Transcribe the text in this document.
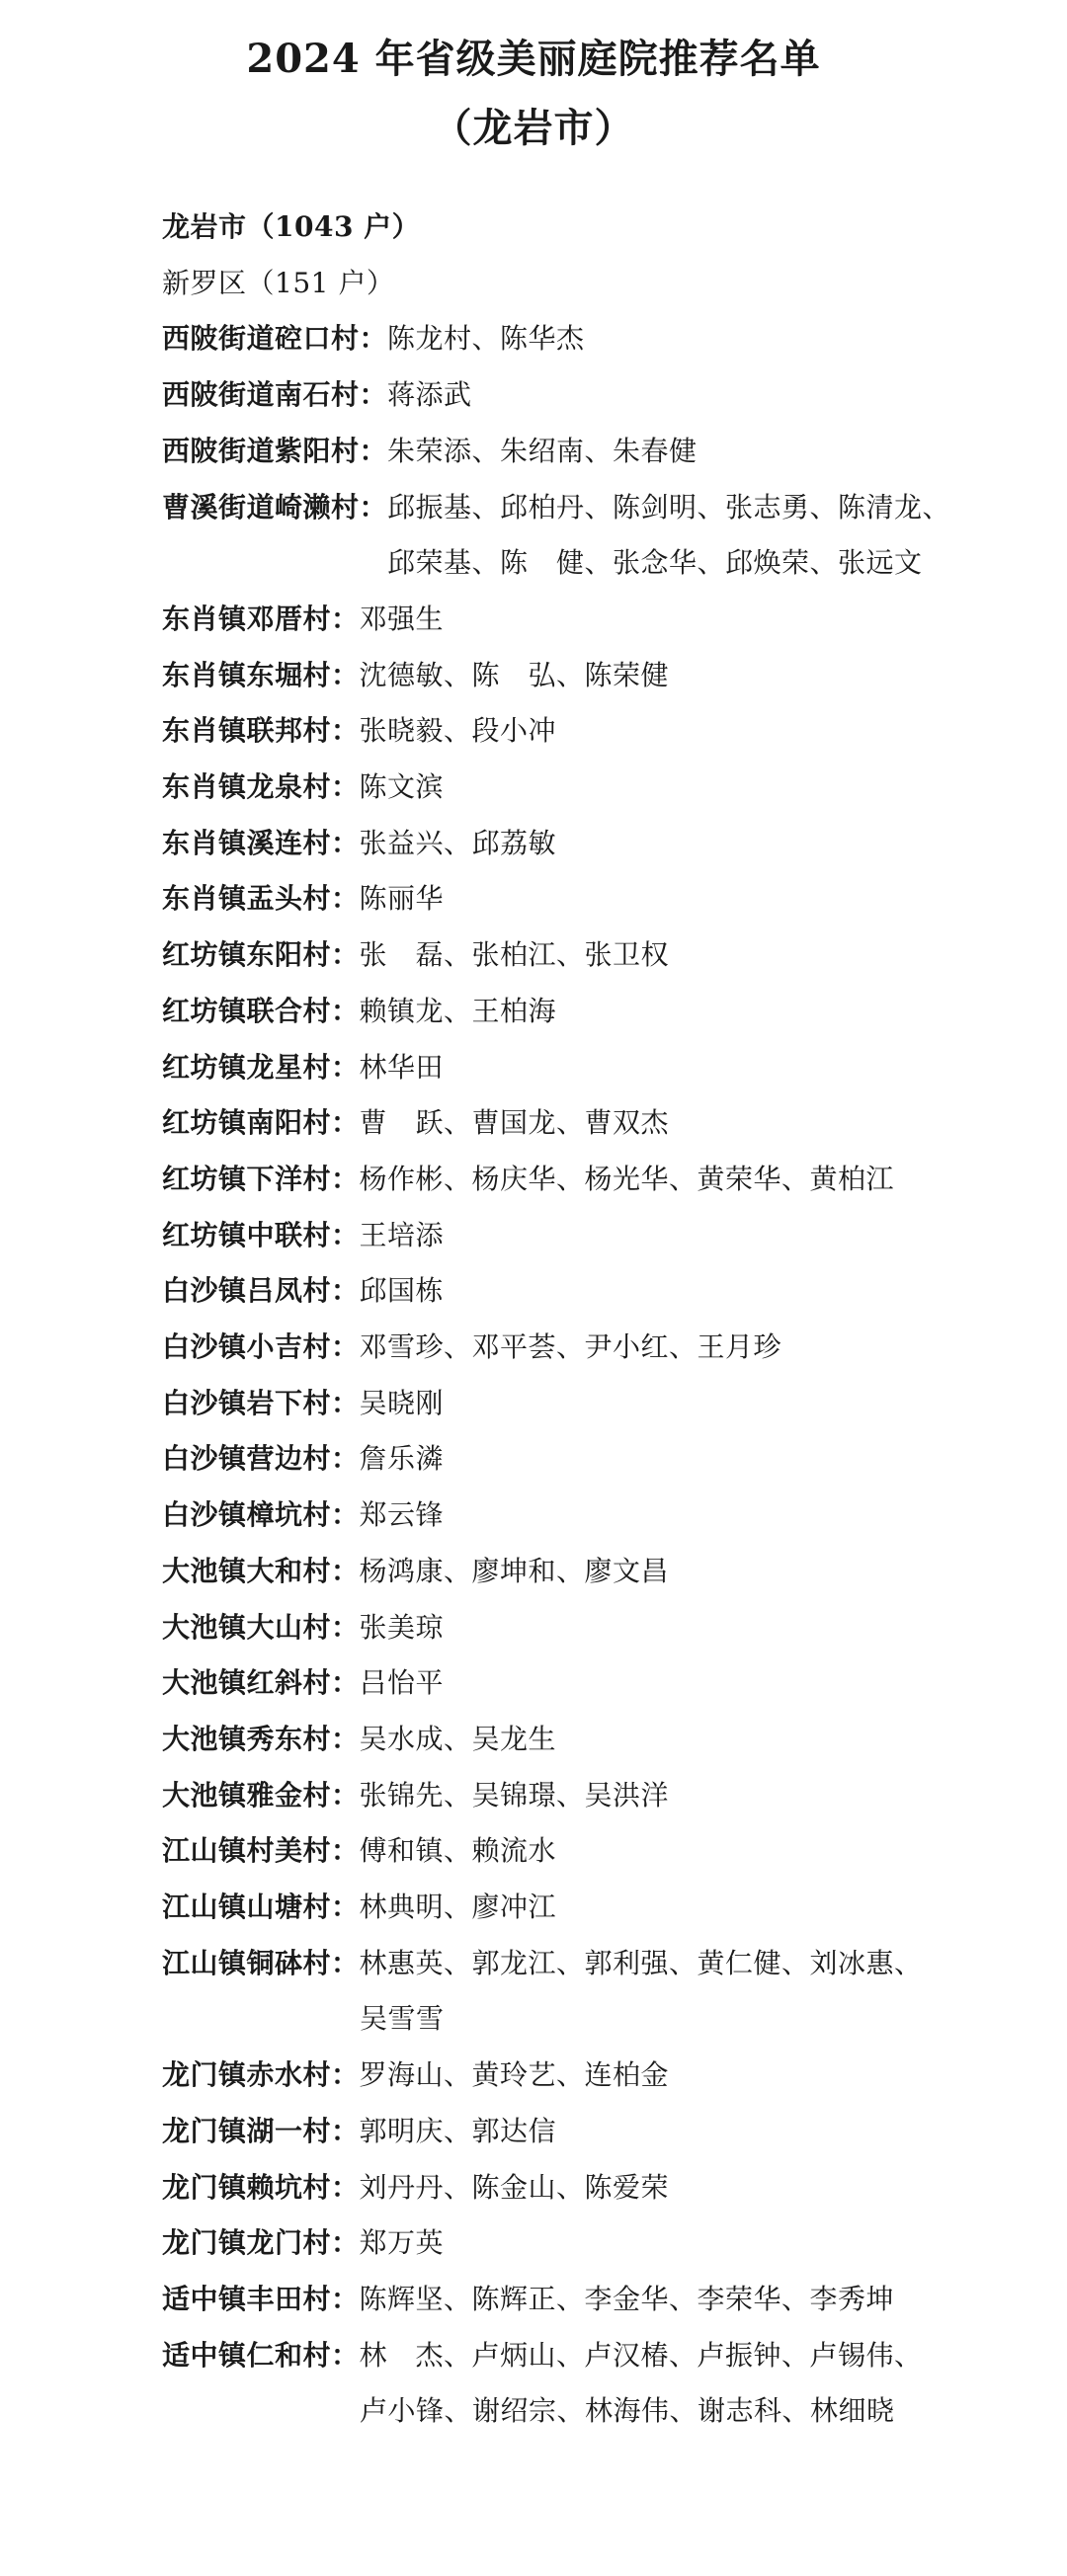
2024 年省级美丽庭院推荐名单
（龙岩市）
龙岩市（1043 户）
新罗区（151 户）
西陂街道硿口村：陈龙村、陈华杰
西陂街道南石村：蒋添武
西陂街道紫阳村：朱荣添、朱绍南、朱春健
曹溪街道崎濑村：邱振基、邱柏丹、陈剑明、张志勇、陈清龙、
邱荣基、陈　健、张念华、邱焕荣、张远文
东肖镇邓厝村：邓强生
东肖镇东堀村：沈德敏、陈　弘、陈荣健
东肖镇联邦村：张晓毅、段小冲
东肖镇龙泉村：陈文滨
东肖镇溪连村：张益兴、邱荔敏
东肖镇盂头村：陈丽华
红坊镇东阳村：张　磊、张柏江、张卫权
红坊镇联合村：赖镇龙、王柏海
红坊镇龙星村：林华田
红坊镇南阳村：曹　跃、曹国龙、曹双杰
红坊镇下洋村：杨作彬、杨庆华、杨光华、黄荣华、黄柏江
红坊镇中联村：王培添
白沙镇吕凤村：邱国栋
白沙镇小吉村：邓雪珍、邓平荟、尹小红、王月珍
白沙镇岩下村：吴晓刚
白沙镇营边村：詹乐潾
白沙镇樟坑村：郑云锋
大池镇大和村：杨鸿康、廖坤和、廖文昌
大池镇大山村：张美琼
大池镇红斜村：吕怡平
大池镇秀东村：吴水成、吴龙生
大池镇雅金村：张锦先、吴锦璟、吴洪洋
江山镇村美村：傅和镇、赖流水
江山镇山塘村：林典明、廖冲江
江山镇铜砵村：林惠英、郭龙江、郭利强、黄仁健、刘冰惠、
吴雪雪
龙门镇赤水村：罗海山、黄玲艺、连柏金
龙门镇湖一村：郭明庆、郭达信
龙门镇赖坑村：刘丹丹、陈金山、陈爱荣
龙门镇龙门村：郑万英
适中镇丰田村：陈辉坚、陈辉正、李金华、李荣华、李秀坤
适中镇仁和村：林　杰、卢炳山、卢汉椿、卢振钟、卢锡伟、
卢小锋、谢绍宗、林海伟、谢志科、林细晓
